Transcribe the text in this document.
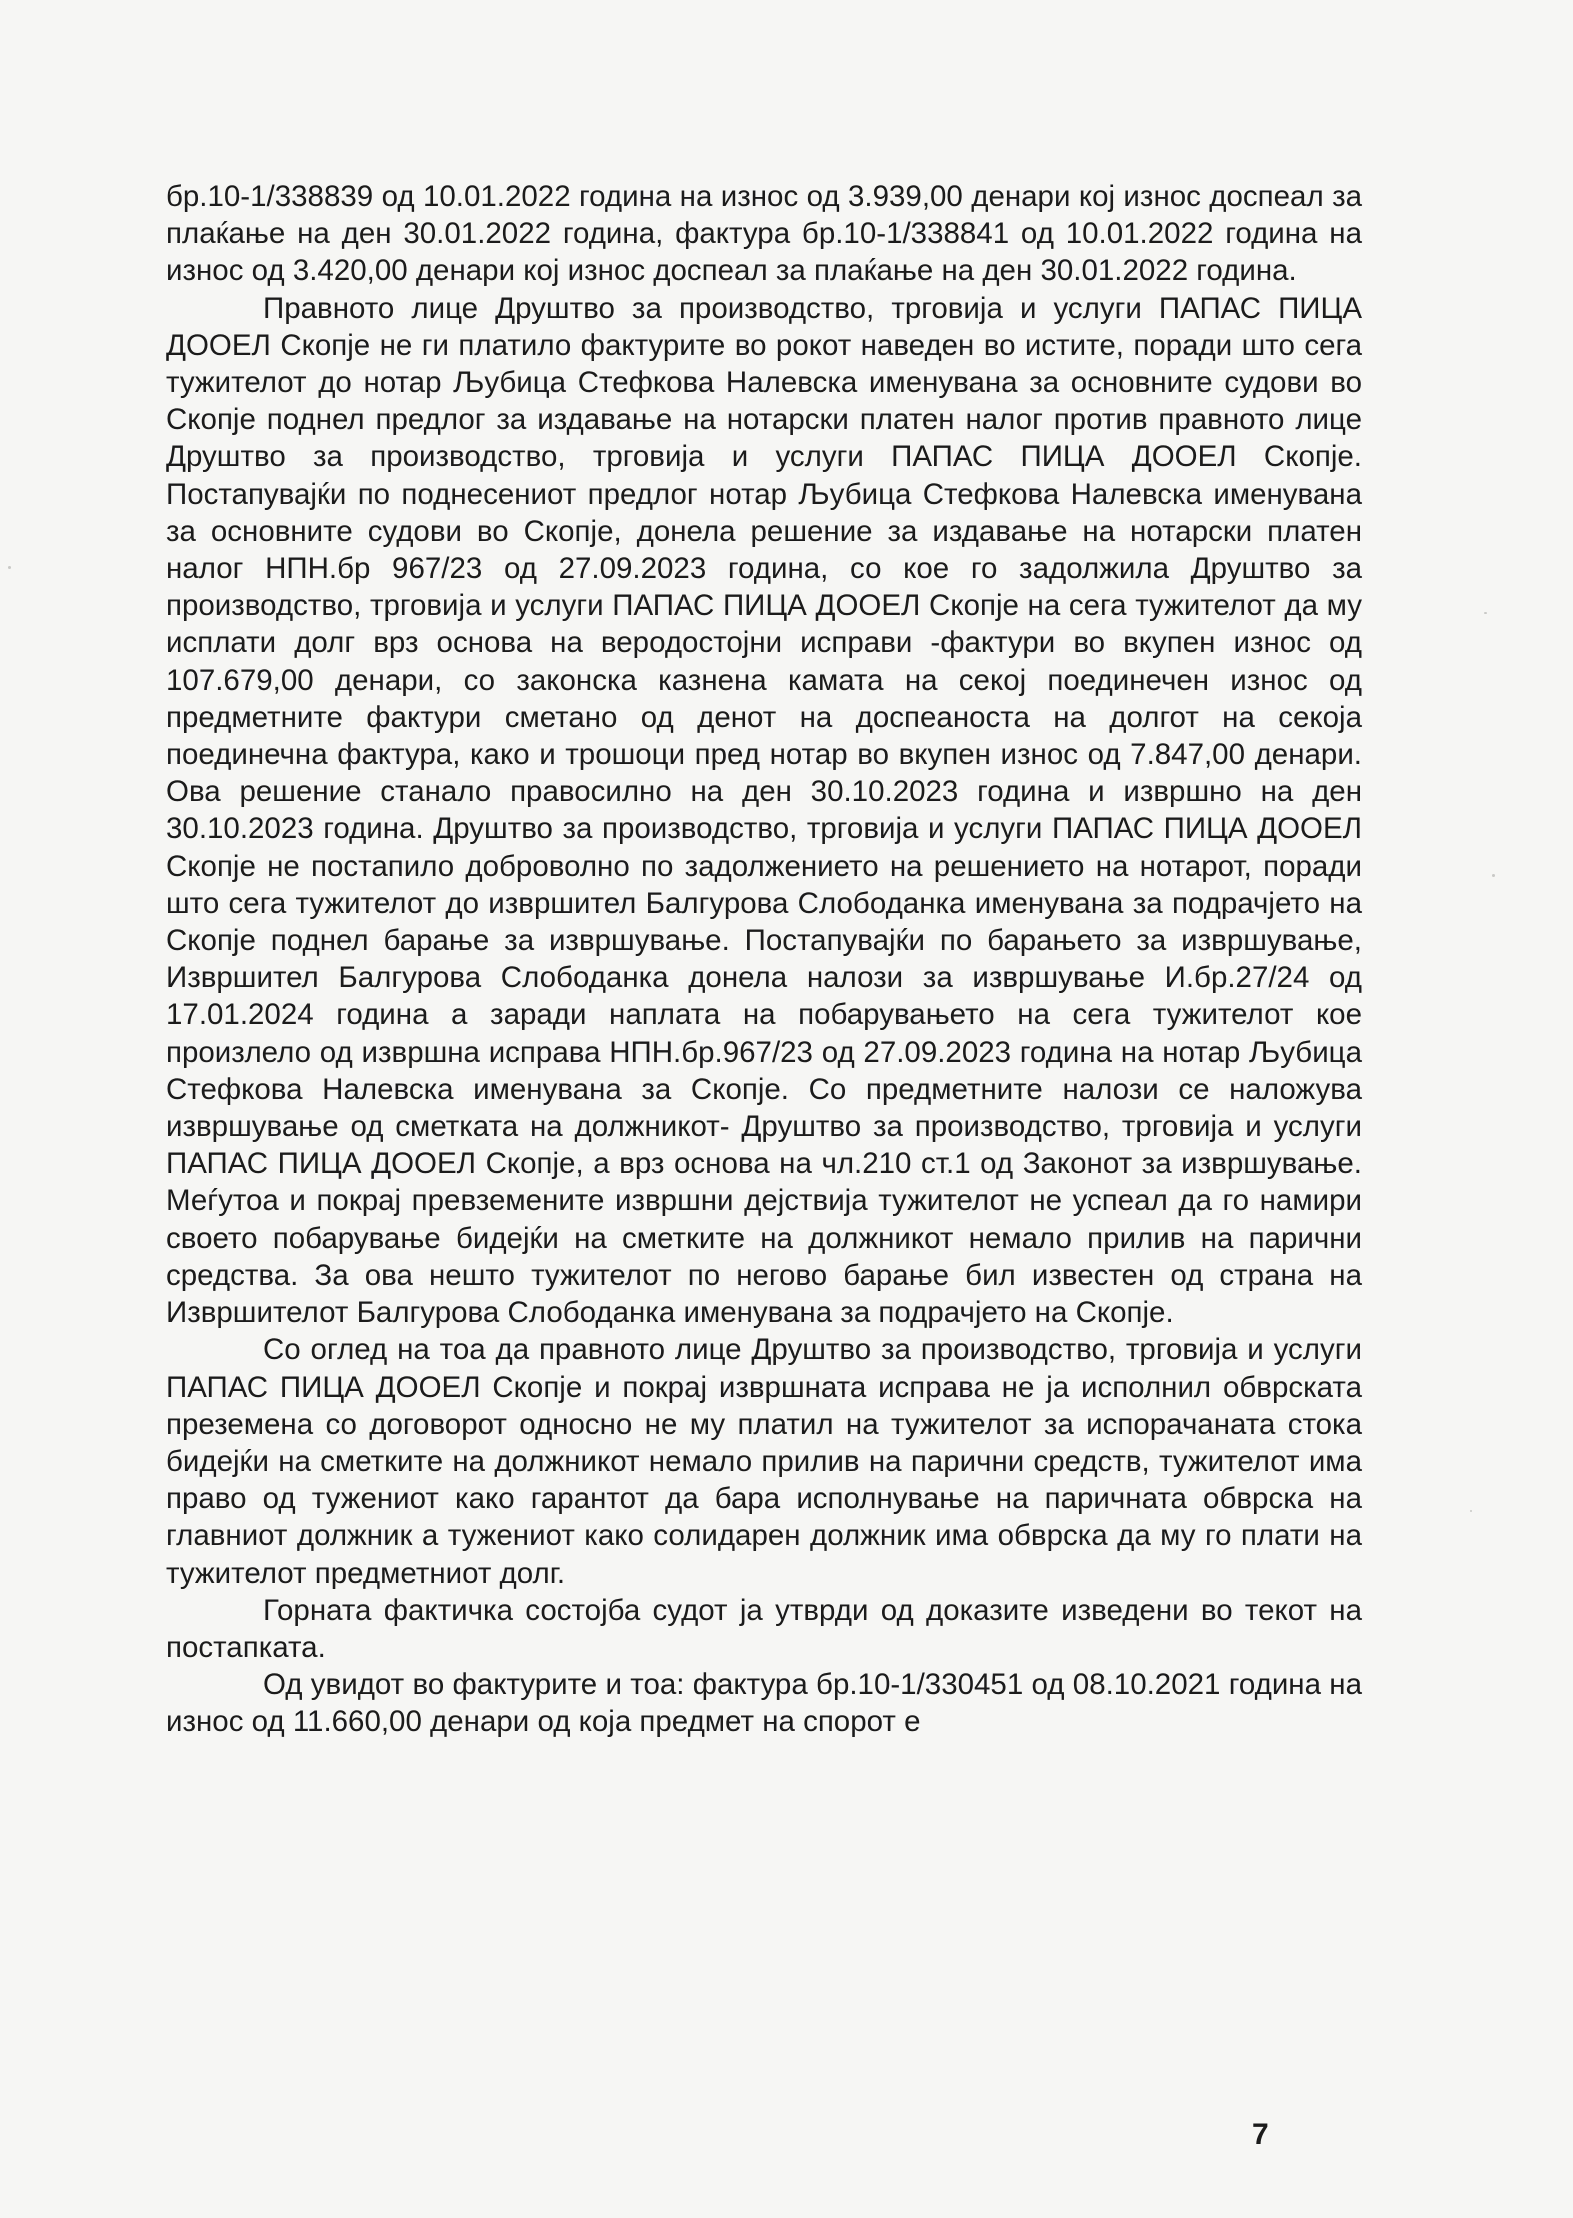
бр.10-1/338839 од 10.01.2022 година на износ од 3.939,00 денари кој износ доспеал за плаќање на ден 30.01.2022 година, фактура бр.10-1/338841 од 10.01.2022 година на износ од 3.420,00 денари кој износ доспеал за плаќање на ден 30.01.2022 година.

Правното лице Друштво за производство, трговија и услуги ПАПАС ПИЦА ДООЕЛ Скопје не ги платило фактурите во рокот наведен во истите, поради што сега тужителот до нотар Љубица Стефкова Налевска именувана за основните судови во Скопје поднел предлог за издавање на нотарски платен налог против правното лице Друштво за производство, трговија и услуги ПАПАС ПИЦА ДООЕЛ Скопје. Постапувајќи по поднесениот предлог нотар Љубица Стефкова Налевска именувана за основните судови во Скопје, донела решение за издавање на нотарски платен налог НПН.бр 967/23 од 27.09.2023 година, со кое го задолжила Друштво за производство, трговија и услуги ПАПАС ПИЦА ДООЕЛ Скопје на сега тужителот да му исплати долг врз основа на веродостојни исправи -фактури во вкупен износ од 107.679,00 денари, со законска казнена камата на секој поединечен износ од предметните фактури сметано од денот на доспеаноста на долгот на секоја поединечна фактура, како и трошоци пред нотар во вкупен износ од 7.847,00 денари. Ова решение станало правосилно на ден 30.10.2023 година и извршно на ден 30.10.2023 година. Друштво за производство, трговија и услуги ПАПАС ПИЦА ДООЕЛ Скопје не постапило доброволно по задолжението на решението на нотарот, поради што сега тужителот до извршител Балгурова Слободанка именувана за подрачјето на Скопје поднел барање за извршување. Постапувајќи по барањето за извршување, Извршител Балгурова Слободанка донела налози за извршување И.бр.27/24 од 17.01.2024 година а заради наплата на побарувањето на сега тужителот кое произлело од извршна исправа НПН.бр.967/23 од 27.09.2023 година на нотар Љубица Стефкова Налевска именувана за Скопје. Со предметните налози се наложува извршување од сметката на должникот- Друштво за производство, трговија и услуги ПАПАС ПИЦА ДООЕЛ Скопје, а врз основа на чл.210 ст.1 од Законот за извршување. Меѓутоа и покрај превземените извршни дејствија тужителот не успеал да го намири своето побарување бидејќи на сметките на должникот немало прилив на парични средства. За ова нешто тужителот по негово барање бил известен од страна на Извршителот Балгурова Слободанка именувана за подрачјето на Скопје.

Со оглед на тоа да правното лице Друштво за производство, трговија и услуги ПАПАС ПИЦА ДООЕЛ Скопје и покрај извршната исправа не ја исполнил обврската преземена со договорот односно не му платил на тужителот за испорачаната стока бидејќи на сметките на должникот немало прилив на парични средств, тужителот има право од тужениот како гарантот да бара исполнување на паричната обврска на главниот должник а тужениот како солидарен должник има обврска да му го плати на тужителот предметниот долг.

Горната фактичка состојба судот ја утврди од доказите изведени во текот на постапката.

Од увидот во фактурите и тоа: фактура бр.10-1/330451 од 08.10.2021 година на износ од 11.660,00 денари од која предмет на спорот е

7
